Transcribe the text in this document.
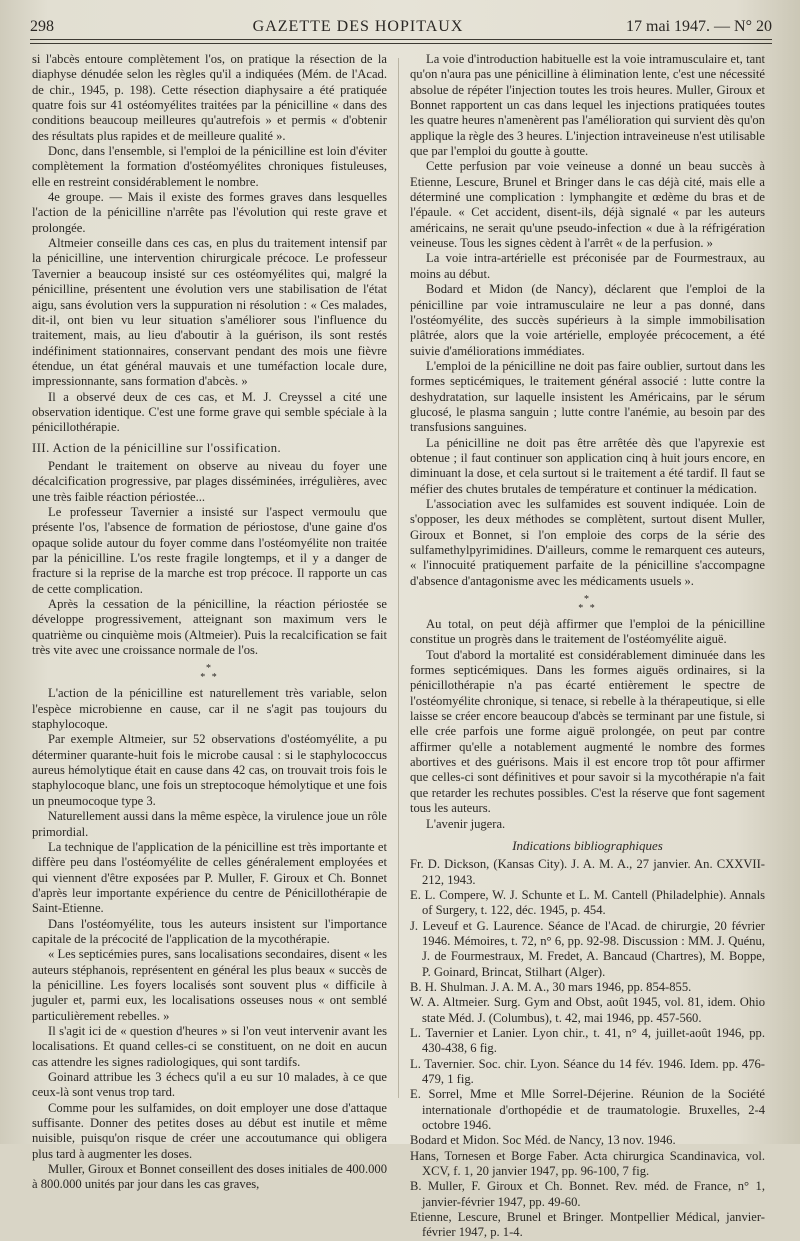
298	GAZETTE DES HOPITAUX	17 mai 1947. — N° 20

si l'abcès entoure complètement l'os, on pratique la résection de la diaphyse dénudée selon les règles qu'il a indiquées (Mém. de l'Acad. de chir., 1945, p. 198). Cette résection diaphysaire a été pratiquée quatre fois sur 41 ostéomyélites traitées par la pénicilline « dans des conditions beaucoup meilleures qu'autrefois » et permis « d'obtenir des résultats plus rapides et de meilleure qualité ».

Donc, dans l'ensemble, si l'emploi de la pénicilline est loin d'éviter complètement la formation d'ostéomyélites chroniques fistuleuses, elle en restreint considérablement le nombre.

4e groupe. — Mais il existe des formes graves dans lesquelles l'action de la pénicilline n'arrête pas l'évolution qui reste grave et prolongée.

Altmeier conseille dans ces cas, en plus du traitement intensif par la pénicilline, une intervention chirurgicale précoce. Le professeur Tavernier a beaucoup insisté sur ces ostéomyélites qui, malgré la pénicilline, présentent une évolution vers une stabilisation de l'état aigu, sans évolution vers la suppuration ni résolution : « Ces malades, dit-il, ont bien vu leur situation s'améliorer sous l'influence du traitement, mais, au lieu d'aboutir à la guérison, ils sont restés indéfiniment stationnaires, conservant pendant des mois une fièvre étendue, un état général mauvais et une tuméfaction locale dure, impressionnante, sans formation d'abcès. »

Il a observé deux de ces cas, et M. J. Creyssel a cité une observation identique. C'est une forme grave qui semble spéciale à la pénicillothérapie.

III. Action de la pénicilline sur l'ossification.

Pendant le traitement on observe au niveau du foyer une décalcification progressive, par plages disséminées, irrégulières, avec une très faible réaction périostée...

Le professeur Tavernier a insisté sur l'aspect vermoulu que présente l'os, l'absence de formation de périostose, d'une gaine d'os opaque solide autour du foyer comme dans l'ostéomyélite non traitée par la pénicilline. L'os reste fragile longtemps, et il y a danger de fracture si la reprise de la marche est trop précoce. Il rapporte un cas de cette complication.

Après la cessation de la pénicilline, la réaction périostée se développe progressivement, atteignant son maximum vers le quatrième ou cinquième mois (Altmeier). Puis la recalcification se fait très vite avec une croissance normale de l'os.

*
* *

L'action de la pénicilline est naturellement très variable, selon l'espèce microbienne en cause, car il ne s'agit pas toujours du staphylocoque.

Par exemple Altmeier, sur 52 observations d'ostéomyélite, a pu déterminer quarante-huit fois le microbe causal : si le staphylococcus aureus hémolytique était en cause dans 42 cas, on trouvait trois fois le staphylocoque blanc, une fois un streptocoque hémolytique et une fois un pneumocoque type 3.

Naturellement aussi dans la même espèce, la virulence joue un rôle primordial.

La technique de l'application de la pénicilline est très importante et diffère peu dans l'ostéomyélite de celles généralement employées et qui viennent d'être exposées par P. Muller, F. Giroux et Ch. Bonnet d'après leur importante expérience du centre de Pénicillothérapie de Saint-Etienne.

Dans l'ostéomyélite, tous les auteurs insistent sur l'importance capitale de la précocité de l'application de la mycothérapie.

« Les septicémies pures, sans localisations secondaires, disent « les auteurs stéphanois, représentent en général les plus beaux « succès de la pénicilline. Les foyers localisés sont souvent plus « difficile à juguler et, parmi eux, les localisations osseuses nous « ont semblé particulièrement rebelles. »

Il s'agit ici de « question d'heures » si l'on veut intervenir avant les localisations. Et quand celles-ci se constituent, on ne doit en aucun cas attendre les signes radiologiques, qui sont tardifs.

Goinard attribue les 3 échecs qu'il a eu sur 10 malades, à ce que ceux-là sont venus trop tard.

Comme pour les sulfamides, on doit employer une dose d'attaque suffisante. Donner des petites doses au début est inutile et même nuisible, puisqu'on risque de créer une accoutumance qui obligera plus tard à augmenter les doses.

Muller, Giroux et Bonnet conseillent des doses initiales de 400.000 à 800.000 unités par jour dans les cas graves,

La voie d'introduction habituelle est la voie intramusculaire et, tant qu'on n'aura pas une pénicilline à élimination lente, c'est une nécessité absolue de répéter l'injection toutes les trois heures. Muller, Giroux et Bonnet rapportent un cas dans lequel les injections pratiquées toutes les quatre heures n'amenèrent pas l'amélioration qui survient dès qu'on applique la règle des 3 heures. L'injection intraveineuse n'est utilisable que par l'emploi du goutte à goutte.

Cette perfusion par voie veineuse a donné un beau succès à Etienne, Lescure, Brunel et Bringer dans le cas déjà cité, mais elle a déterminé une complication : lymphangite et œdème du bras et de l'épaule. « Cet accident, disent-ils, déjà signalé « par les auteurs américains, ne serait qu'une pseudo-infection « due à la réfrigération veineuse. Tous les signes cèdent à l'arrêt « de la perfusion. »

La voie intra-artérielle est préconisée par de Fourmestraux, au moins au début.

Bodard et Midon (de Nancy), déclarent que l'emploi de la pénicilline par voie intramusculaire ne leur a pas donné, dans l'ostéomyélite, des succès supérieurs à la simple immobilisation plâtrée, alors que la voie artérielle, employée précocement, a été suivie d'améliorations immédiates.

L'emploi de la pénicilline ne doit pas faire oublier, surtout dans les formes septicémiques, le traitement général associé : lutte contre la deshydratation, sur laquelle insistent les Américains, par le sérum glucosé, le plasma sanguin ; lutte contre l'anémie, au besoin par des transfusions sanguines.

La pénicilline ne doit pas être arrêtée dès que l'apyrexie est obtenue ; il faut continuer son application cinq à huit jours encore, en diminuant la dose, et cela surtout si le traitement a été tardif. Il faut se méfier des chutes brutales de température et continuer la médication.

L'association avec les sulfamides est souvent indiquée. Loin de s'opposer, les deux méthodes se complètent, surtout disent Muller, Giroux et Bonnet, si l'on emploie des corps de la série des sulfamethylpyrimidines. D'ailleurs, comme le remarquent ces auteurs, « l'innocuité pratiquement parfaite de la pénicilline s'accompagne d'absence d'antagonisme avec les médicaments usuels ».

*
* *

Au total, on peut déjà affirmer que l'emploi de la pénicilline constitue un progrès dans le traitement de l'ostéomyélite aiguë.

Tout d'abord la mortalité est considérablement diminuée dans les formes septicémiques. Dans les formes aiguës ordinaires, si la pénicillothérapie n'a pas écarté entièrement le spectre de l'ostéomyélite chronique, si tenace, si rebelle à la thérapeutique, si elle laisse se créer encore beaucoup d'abcès se terminant par une fistule, si elle crée parfois une forme aiguë prolongée, on peut par contre affirmer qu'elle a notablement augmenté le nombre des formes abortives et des guérisons. Mais il est encore trop tôt pour affirmer que celles-ci sont définitives et pour savoir si la mycothérapie n'a fait que retarder les rechutes possibles. C'est la réserve que font sagement tous les auteurs.

L'avenir jugera.

Indications bibliographiques

Fr. D. Dickson, (Kansas City). J. A. M. A., 27 janvier. An. CXXVII-212, 1943.

E. L. Compere, W. J. Schunte et L. M. Cantell (Philadelphie). Annals of Surgery, t. 122, déc. 1945, p. 454.

J. Leveuf et G. Laurence. Séance de l'Acad. de chirurgie, 20 février 1946. Mémoires, t. 72, n° 6, pp. 92-98. Discussion : MM. J. Quénu, J. de Fourmestraux, M. Fredet, A. Bancaud (Chartres), M. Boppe, P. Goinard, Brincat, Stilhart (Alger).

B. H. Shulman. J. A. M. A., 30 mars 1946, pp. 854-855.

W. A. Altmeier. Surg. Gym and Obst, août 1945, vol. 81, idem. Ohio state Méd. J. (Columbus), t. 42, mai 1946, pp. 457-560.

L. Tavernier et Lanier. Lyon chir., t. 41, n° 4, juillet-août 1946, pp. 430-438, 6 fig.

L. Tavernier. Soc. chir. Lyon. Séance du 14 fév. 1946. Idem. pp. 476-479, 1 fig.

E. Sorrel, Mme et Mlle Sorrel-Déjerine. Réunion de la Société internationale d'orthopédie et de traumatologie. Bruxelles, 2-4 octobre 1946.

Bodard et Midon. Soc Méd. de Nancy, 13 nov. 1946.

Hans, Tornesen et Borge Faber. Acta chirurgica Scandinavica, vol. XCV, f. 1, 20 janvier 1947, pp. 96-100, 7 fig.

B. Muller, F. Giroux et Ch. Bonnet. Rev. méd. de France, n° 1, janvier-février 1947, pp. 49-60.

Etienne, Lescure, Brunel et Bringer. Montpellier Médical, janvier-février 1947, p. 1-4.
